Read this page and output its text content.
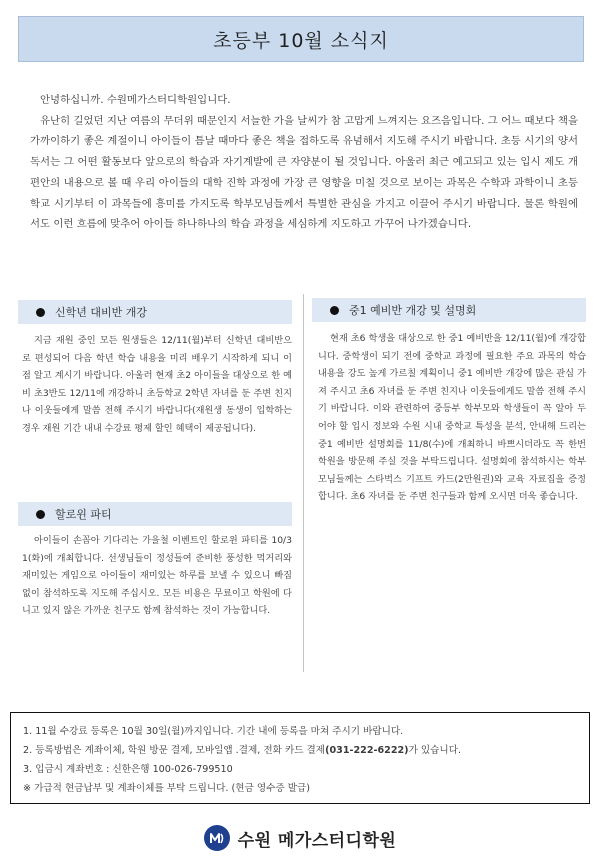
초등부 10월 소식지

안녕하십니까. 수원메가스터디학원입니다.

유난히 길었던 지난 여름의 무더위 때문인지 서늘한 가을 날씨가 참 고맙게 느껴지는 요즈음입니다. 그 어느 때보다 책을 가까이하기 좋은 계절이니 아이들이 틈날 때마다 좋은 책을 접하도록 유념해서 지도해 주시기 바랍니다. 초등 시기의 양서 독서는 그 어떤 활동보다 앞으로의 학습과 자기계발에 큰 자양분이 될 것입니다. 아울러 최근 예고되고 있는 입시 제도 개편안의 내용으로 볼 때 우리 아이들의 대학 진학 과정에 가장 큰 영향을 미칠 것으로 보이는 과목은 수학과 과학이니 초등학교 시기부터 이 과목들에 흥미를 가지도록 학부모님들께서 특별한 관심을 가지고 이끌어 주시기 바랍니다. 물론 학원에서도 이런 흐름에 맞추어 아이들 하나하나의 학습 과정을 세심하게 지도하고 가꾸어 나가겠습니다.

신학년 대비반 개강

지금 재원 중인 모든 원생들은 12/11(월)부터 신학년 대비반으로 편성되어 다음 학년 학습 내용을 미리 배우기 시작하게 되니 이 점 알고 계시기 바랍니다. 아울러 현재 초2 아이들을 대상으로 한 예비 초3반도 12/11에 개강하니 초등학교 2학년 자녀를 둔 주변 친지나 이웃들에게 말씀 전해 주시기 바랍니다(재원생 동생이 입학하는 경우 재원 기간 내내 수강료 평제 할인 혜택이 제공됩니다).

할로윈 파티

아이들이 손꼽아 기다리는 가을철 이벤트인 할로윈 파티를 10/31(화)에 개최합니다. 선생님들이 정성들여 준비한 풍성한 먹거리와 재미있는 게임으로 아이들이 재미있는 하루를 보낼 수 있으니 빠짐없이 참석하도록 지도해 주십시오. 모든 비용은 무료이고 학원에 다니고 있지 않은 가까운 친구도 함께 참석하는 것이 가능합니다.

중1 예비반 개강 및 설명회

현재 초6 학생을 대상으로 한 중1 예비반을 12/11(월)에 개강합니다. 중학생이 되기 전에 중학교 과정에 필요한 주요 과목의 학습 내용을 강도 높게 가르칠 계획이니 중1 예비반 개강에 많은 관심 가져 주시고 초6 자녀를 둔 주변 친지나 이웃들에게도 말씀 전해 주시기 바랍니다. 이와 관련하여 중등부 학부모와 학생들이 꼭 알아 두어야 할 입시 정보와 수원 시내 중학교 특성을 분석, 안내해 드리는 중1 예비반 설명회를 11/8(수)에 개최하니 바쁘시더라도 꼭 한번 학원을 방문해 주실 것을 부탁드립니다. 설명회에 참석하시는 학부모님들께는 스타벅스 기프트 카드(2만원권)와 교육 자료집을 증정합니다. 초6 자녀를 둔 주변 친구들과 함께 오시면 더욱 좋습니다.

1. 11월 수강료 등록은 10월 30일(월)까지입니다. 기간 내에 등록을 마쳐 주시기 바랍니다.
2. 등록방법은 계좌이체, 학원 방문 결제, 모바일앱 .결제, 전화 카드 결제(031-222-6222)가 있습니다.
3. 입금시 계좌번호 : 신한은행 100-026-799510
※ 가급적 현금납부 및 계좌이체를 부탁 드립니다. (현금 영수증 발급)
수원 메가스터디학원
